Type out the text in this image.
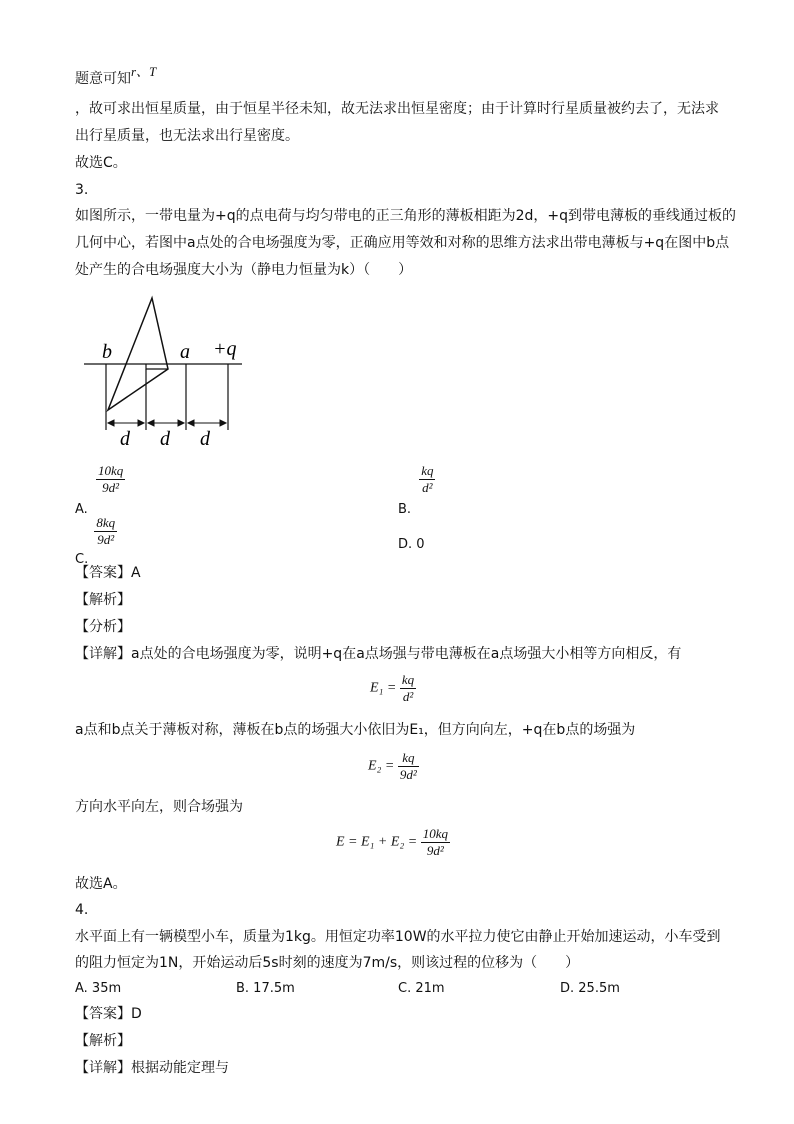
题意可知r、T
，故可求出恒星质量，由于恒星半径未知，故无法求出恒星密度；由于计算时行星质量被约去了，无法求
出行星质量，也无法求出行星密度。
故选C。
3.
如图所示，一带电量为+q的点电荷与均匀带电的正三角形的薄板相距为2d，+q到带电薄板的垂线通过板的
几何中心，若图中a点处的合电场强度为零，正确应用等效和对称的思维方法求出带电薄板与+q在图中b点
处产生的合电场强度大小为（静电力恒量为k）（　　）
b	a +q
d d d
A.
$\frac{10kq}{\text{9d²}}$
B.
$\frac{kq}{\text{d²}}$
C.
$\frac{8kq}{\text{9d²}}$	D. 0
【答案】A
【解析】
【分析】
【详解】a点处的合电场强度为零，说明+q在a点场强与带电薄板在a点场强大小相等方向相反，有
$E_1 = \frac{kq}{\text{d²}}$
a点和b点关于薄板对称，薄板在b点的场强大小依旧为E₁，但方向向左，+q在b点的场强为
$E_2 = \frac{kq}{\text{9d²}}$
方向水平向左，则合场强为
$E = E_1 + E_2 = \frac{10kq}{\text{9d²}}$
故选A。
4.
水平面上有一辆模型小车，质量为1kg。用恒定功率10W的水平拉力使它由静止开始加速运动，小车受到
的阻力恒定为1N，开始运动后5s时刻的速度为7m/s，则该过程的位移为（　　）
A. 35m	B. 17.5m	C. 21m	D. 25.5m
【答案】D
【解析】
【详解】根据动能定理与
